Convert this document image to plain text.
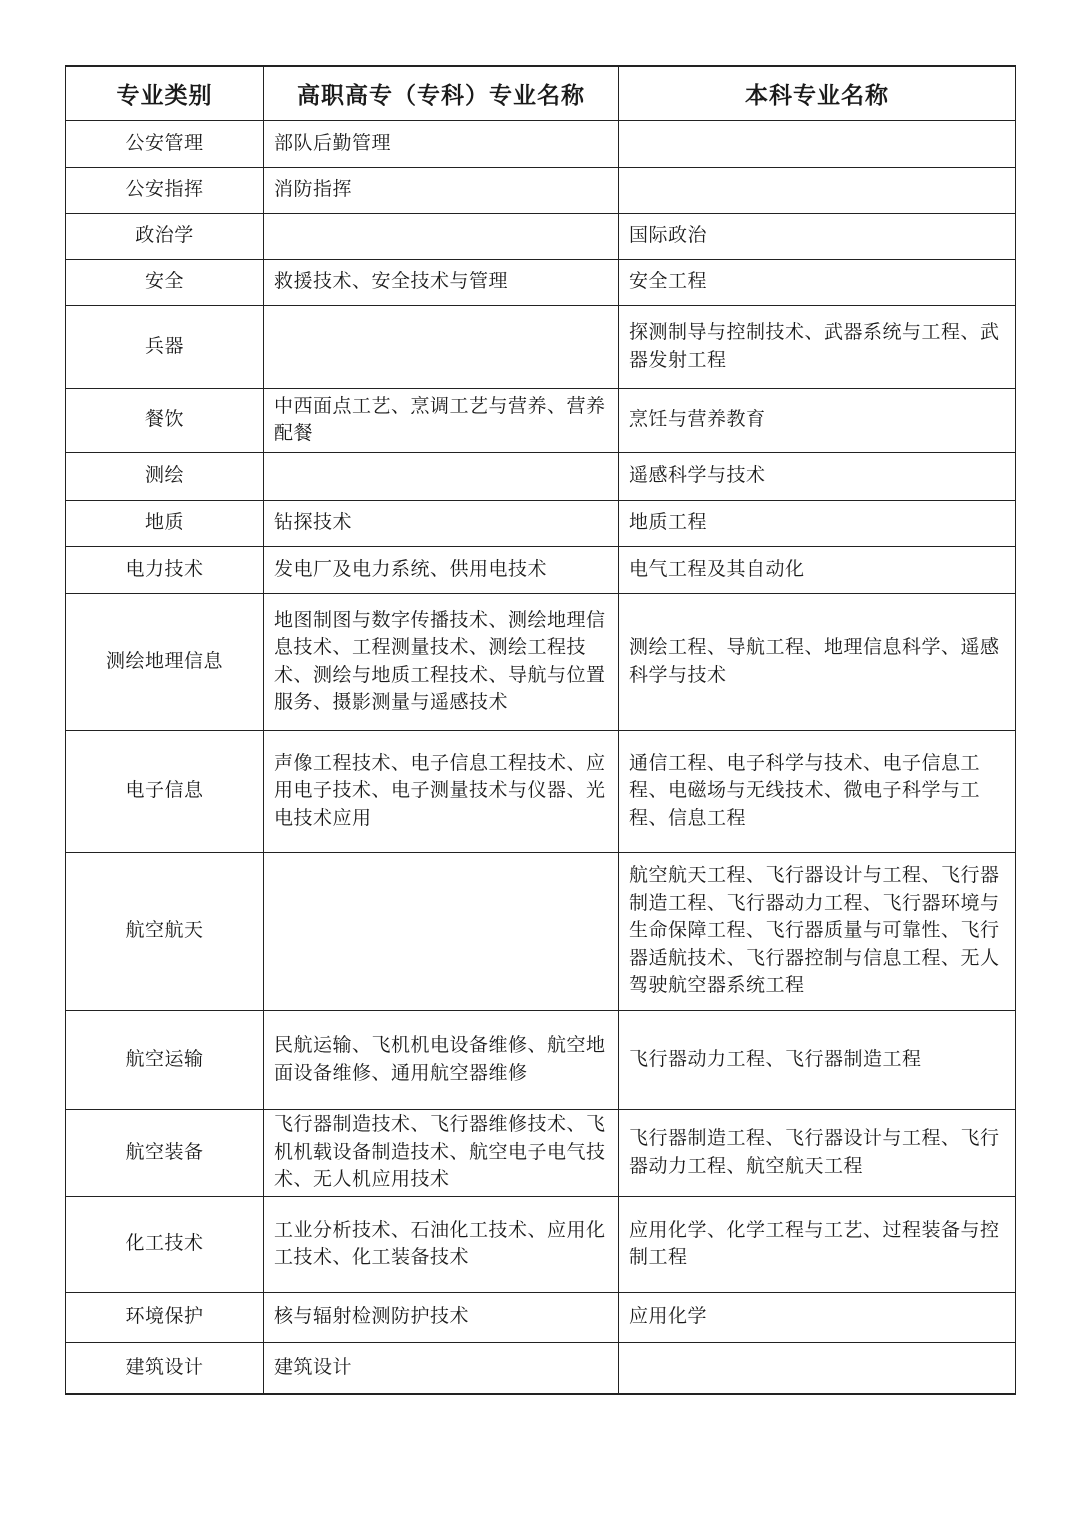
专业类别	高职高专（专科）专业名称	本科专业名称
公安管理	部队后勤管理	
公安指挥	消防指挥	
政治学		国际政治
安全	救援技术、安全技术与管理	安全工程
兵器		探测制导与控制技术、武器系统与工程、武器发射工程
餐饮	中西面点工艺、烹调工艺与营养、营养配餐	烹饪与营养教育
测绘		遥感科学与技术
地质	钻探技术	地质工程
电力技术	发电厂及电力系统、供用电技术	电气工程及其自动化
测绘地理信息	地图制图与数字传播技术、测绘地理信息技术、工程测量技术、测绘工程技术、测绘与地质工程技术、导航与位置服务、摄影测量与遥感技术	测绘工程、导航工程、地理信息科学、遥感科学与技术
电子信息	声像工程技术、电子信息工程技术、应用电子技术、电子测量技术与仪器、光电技术应用	通信工程、电子科学与技术、电子信息工程、电磁场与无线技术、微电子科学与工程、信息工程
航空航天		航空航天工程、飞行器设计与工程、飞行器制造工程、飞行器动力工程、飞行器环境与生命保障工程、飞行器质量与可靠性、飞行器适航技术、飞行器控制与信息工程、无人驾驶航空器系统工程
航空运输	民航运输、飞机机电设备维修、航空地面设备维修、通用航空器维修	飞行器动力工程、飞行器制造工程
航空装备	飞行器制造技术、飞行器维修技术、飞机机载设备制造技术、航空电子电气技术、无人机应用技术	飞行器制造工程、飞行器设计与工程、飞行器动力工程、航空航天工程
化工技术	工业分析技术、石油化工技术、应用化工技术、化工装备技术	应用化学、化学工程与工艺、过程装备与控制工程
环境保护	核与辐射检测防护技术	应用化学
建筑设计	建筑设计	
